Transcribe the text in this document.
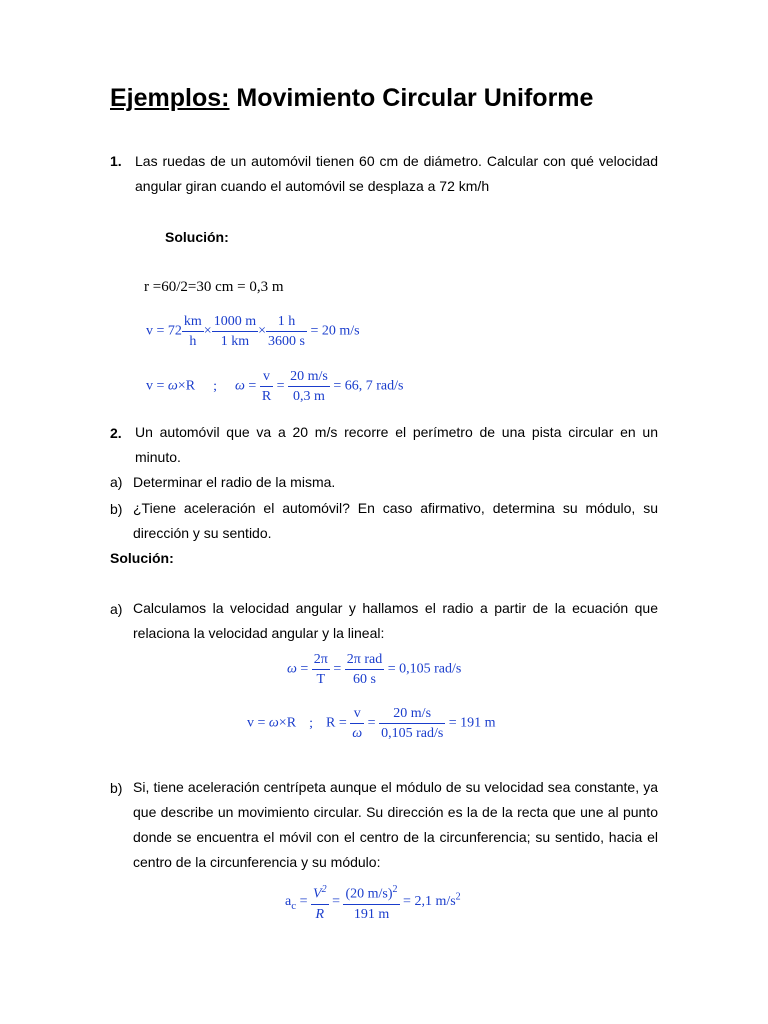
Ejemplos: Movimiento Circular Uniforme
1. Las ruedas de un automóvil tienen 60 cm de diámetro. Calcular con qué velocidad angular giran cuando el automóvil se desplaza a 72 km/h
Solución:
r =60/2=30 cm = 0,3 m
$v = 72 \frac{km}{h} \times \frac{1000 m}{1 km} \times \frac{1 h}{3600 s} = 20$ m/s
v = ω×R ; $\omega = \frac{v}{R} = \frac{20 m/s}{0,3 m} = 66$, 7 rad/s
2. Un automóvil que va a 20 m/s recorre el perímetro de una pista circular en un minuto.
a) Determinar el radio de la misma.
b) ¿Tiene aceleración el automóvil? En caso afirmativo, determina su módulo, su dirección y su sentido.
Solución:
a) Calculamos la velocidad angular y hallamos el radio a partir de la ecuación que relaciona la velocidad angular y la lineal:
$\omega = \frac{2\pi}{T} = \frac{\text{2π rad}}{60 s} = 0,105$ rad/s
v = ω×R ; $R = \frac{v}{\omega} = \frac{20 m/s}{\text{0,105 rad/s}} = 191$ m
b) Si, tiene aceleración centrípeta aunque el módulo de su velocidad sea constante, ya que describe un movimiento circular. Su dirección es la de la recta que une al punto donde se encuentra el móvil con el centro de la circunferencia; su sentido, hacia el centro de la circunferencia y su módulo:
$a_c = \frac{V^2}{R} = \frac{(20 m/s)^2}{191 m} = 2,1$ $m/s^2$
